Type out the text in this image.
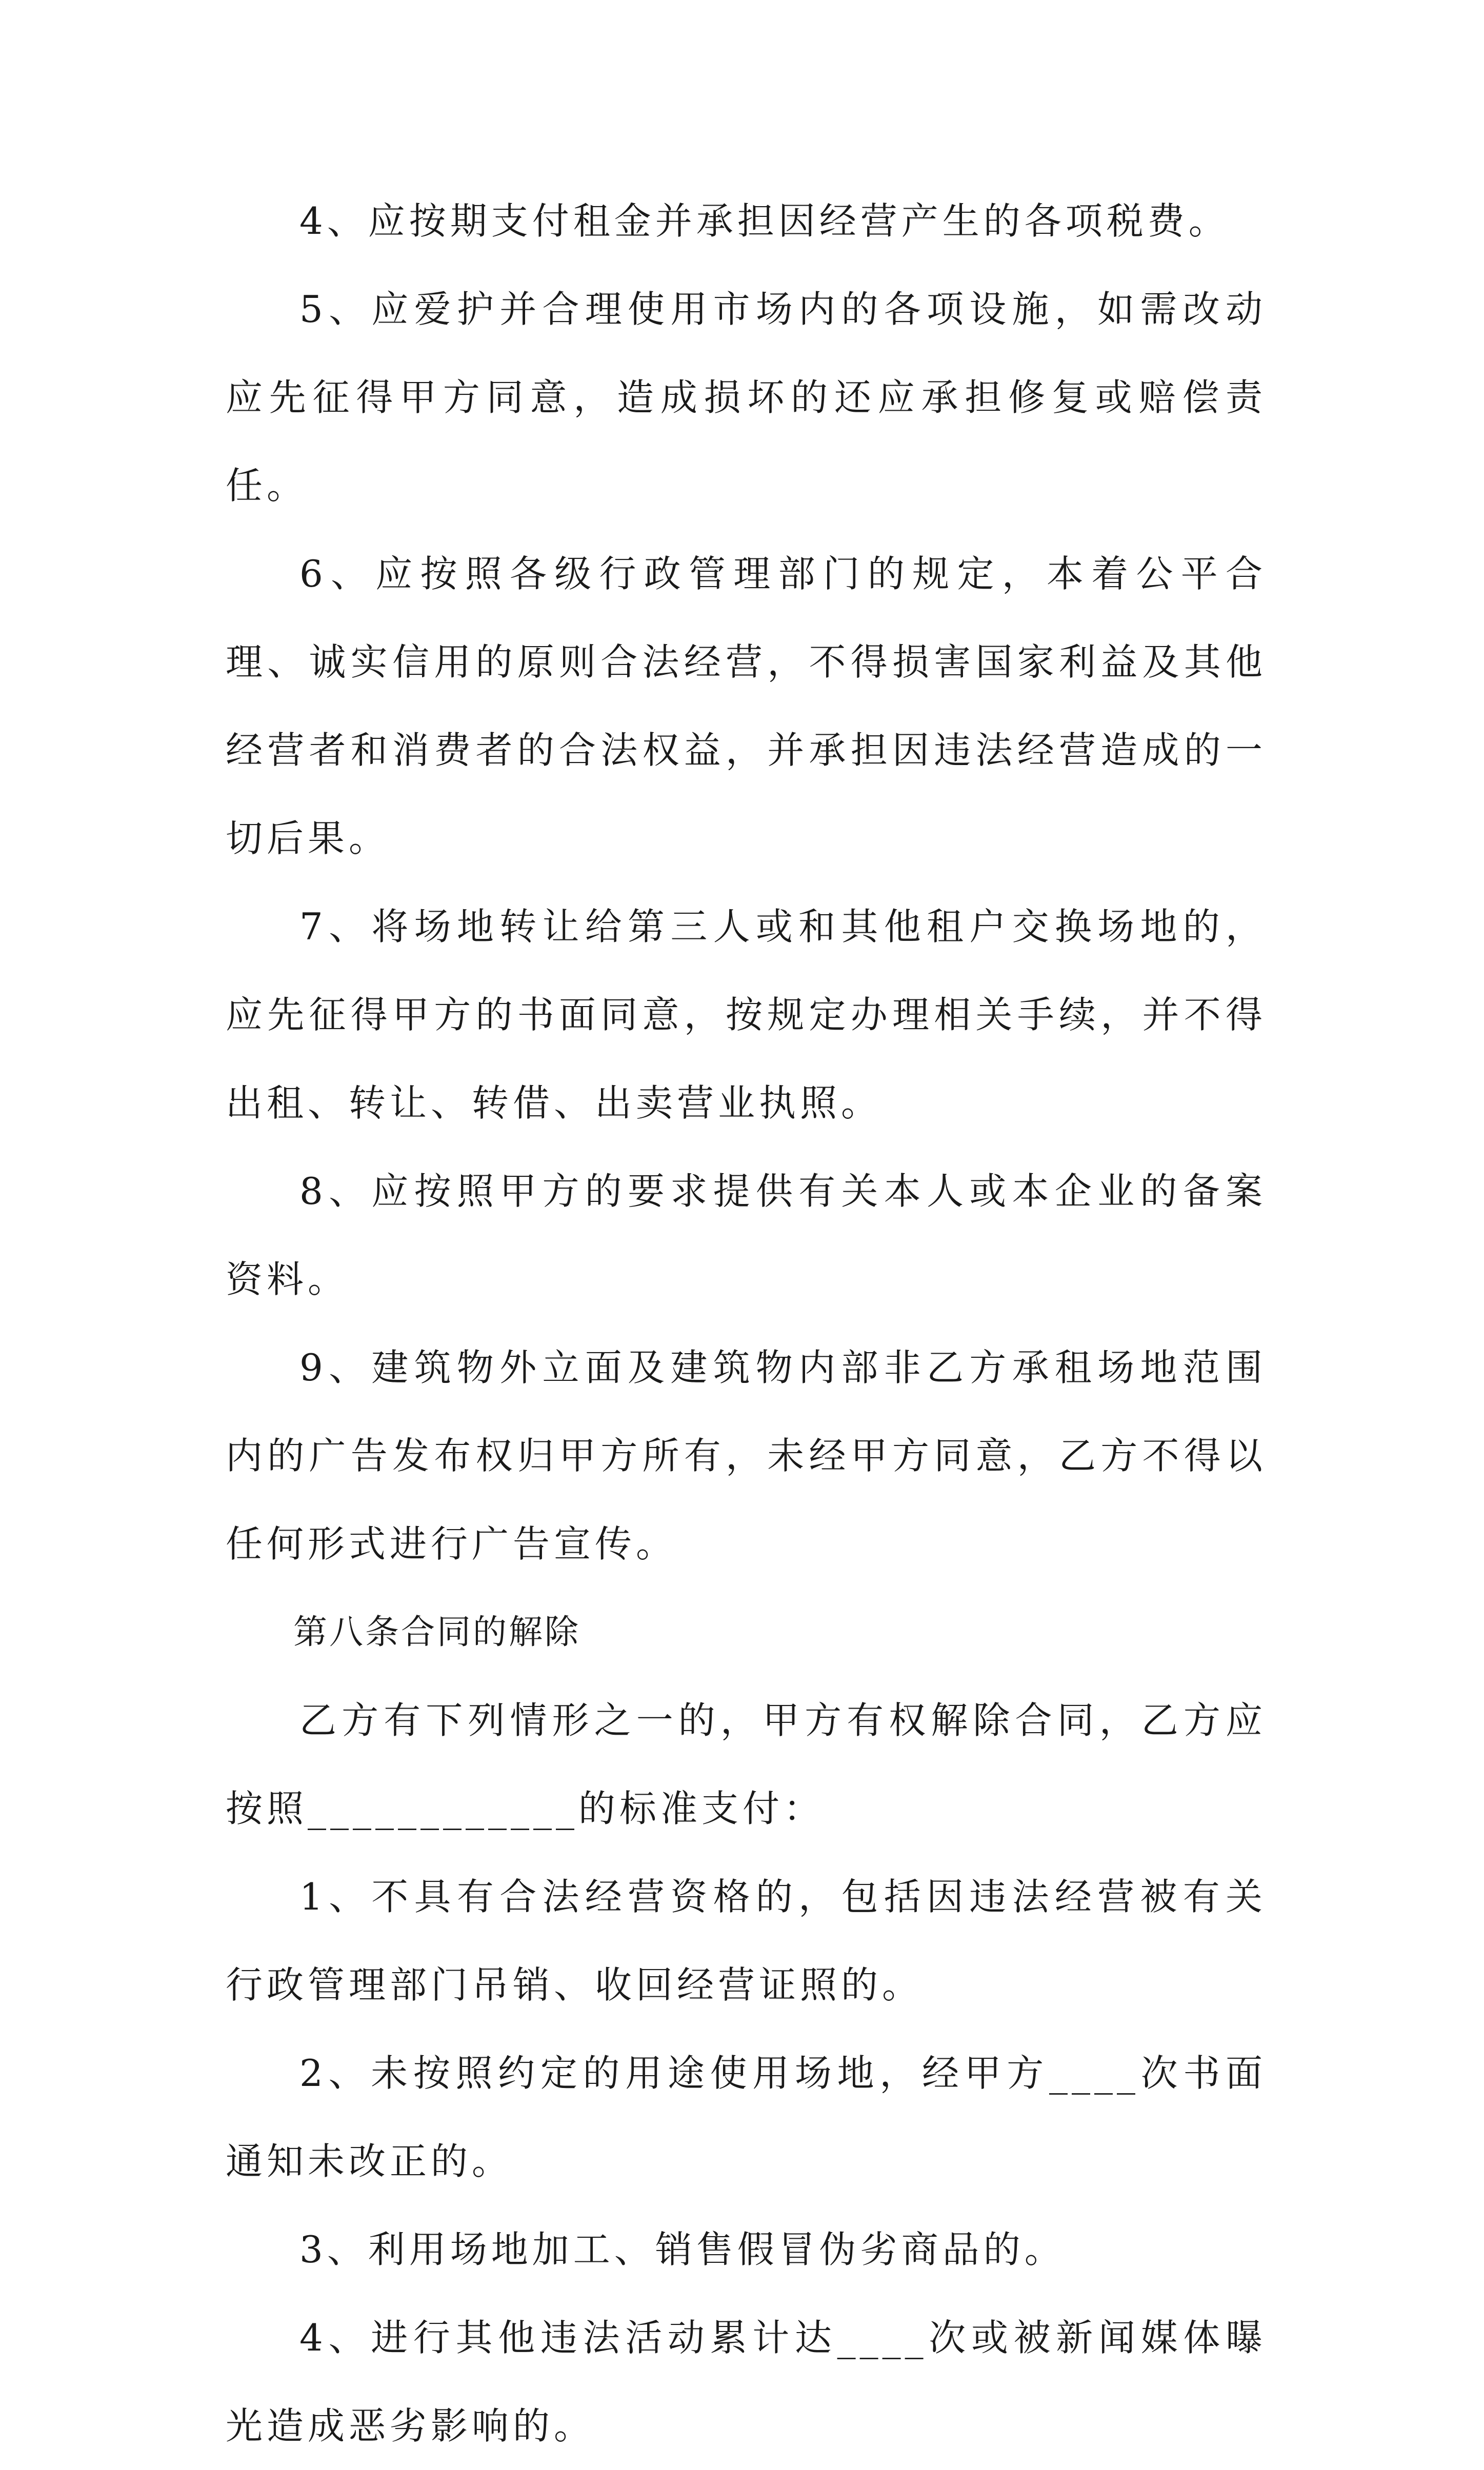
4、应按期支付租金并承担因经营产生的各项税费。

5、应爱护并合理使用市场内的各项设施，如需改动应先征得甲方同意，造成损坏的还应承担修复或赔偿责任。

6、应按照各级行政管理部门的规定，本着公平合理、诚实信用的原则合法经营，不得损害国家利益及其他经营者和消费者的合法权益，并承担因违法经营造成的一切后果。

7、将场地转让给第三人或和其他租户交换场地的，应先征得甲方的书面同意，按规定办理相关手续，并不得出租、转让、转借、出卖营业执照。

8、应按照甲方的要求提供有关本人或本企业的备案资料。

9、建筑物外立面及建筑物内部非乙方承租场地范围内的广告发布权归甲方所有，未经甲方同意，乙方不得以任何形式进行广告宣传。

第八条合同的解除

乙方有下列情形之一的，甲方有权解除合同，乙方应按照____________的标准支付：

1、不具有合法经营资格的，包括因违法经营被有关行政管理部门吊销、收回经营证照的。

2、未按照约定的用途使用场地，经甲方____次书面通知未改正的。

3、利用场地加工、销售假冒伪劣商品的。

4、进行其他违法活动累计达____次或被新闻媒体曝光造成恶劣影响的。
